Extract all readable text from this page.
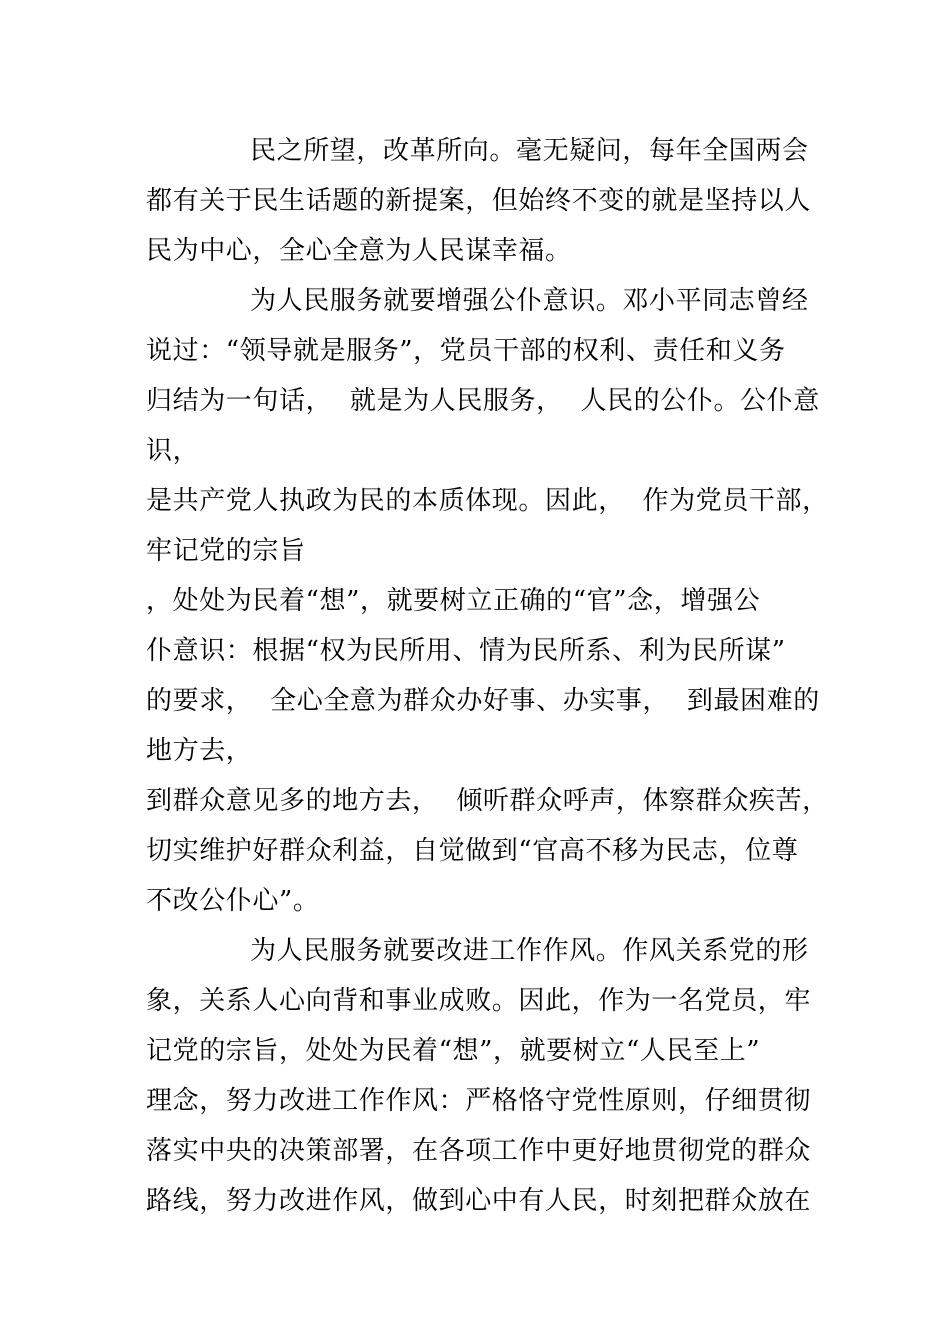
民之所望，改革所向。毫无疑问，每年全国两会
都有关于民生话题的新提案，但始终不变的就是坚持以人
民为中心，全心全意为人民谋幸福。
为人民服务就要增强公仆意识。邓小平同志曾经
说过：“领导就是服务”，党员干部的权利、责任和义务
归结为一句话，  就是为人民服务，  人民的公仆。公仆意
识，
是共产党人执政为民的本质体现。因此，  作为党员干部，
牢记党的宗旨
，处处为民着“想”，就要树立正确的“官”念，增强公
仆意识：根据“权为民所用、情为民所系、利为民所谋”
的要求，  全心全意为群众办好事、办实事，  到最困难的
地方去，
到群众意见多的地方去，  倾听群众呼声，体察群众疾苦，
切实维护好群众利益，自觉做到“官高不移为民志，位尊
不改公仆心”。
为人民服务就要改进工作作风。作风关系党的形
象，关系人心向背和事业成败。因此，作为一名党员，牢
记党的宗旨，处处为民着“想”，就要树立“人民至上”
理念，努力改进工作作风：严格恪守党性原则，仔细贯彻
落实中央的决策部署，在各项工作中更好地贯彻党的群众
路线，努力改进作风，做到心中有人民，时刻把群众放在
